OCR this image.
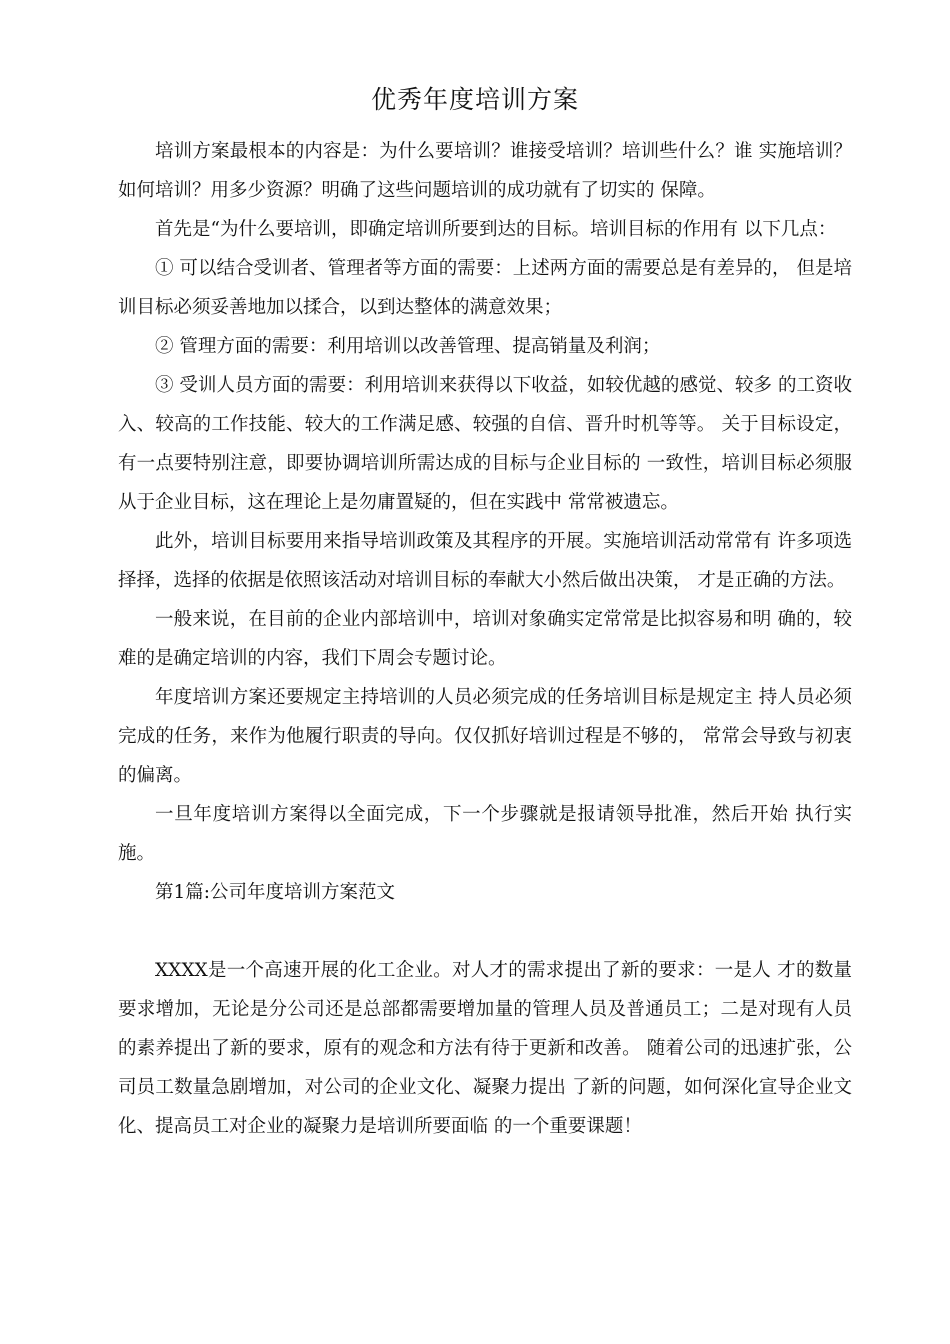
优秀年度培训方案

培训方案最根本的内容是：为什么要培训？谁接受培训？培训些什么？谁 实施培训？如何培训？用多少资源？明确了这些问题培训的成功就有了切实的 保障。

首先是“为什么要培训，即确定培训所要到达的目标。培训目标的作用有 以下几点：

① 可以结合受训者、管理者等方面的需要：上述两方面的需要总是有差异的， 但是培训目标必须妥善地加以揉合，以到达整体的满意效果；

② 管理方面的需要：利用培训以改善管理、提高销量及利润；

③ 受训人员方面的需要：利用培训来获得以下收益，如较优越的感觉、较多 的工资收入、较高的工作技能、较大的工作满足感、较强的自信、晋升时机等等。 关于目标设定，有一点要特别注意，即要协调培训所需达成的目标与企业目标的 一致性，培训目标必须服从于企业目标，这在理论上是勿庸置疑的，但在实践中 常常被遗忘。

此外，培训目标要用来指导培训政策及其程序的开展。实施培训活动常常有 许多项选择择，选择的依据是依照该活动对培训目标的奉献大小然后做出决策， 才是正确的方法。

一般来说，在目前的企业内部培训中，培训对象确实定常常是比拟容易和明 确的，较难的是确定培训的内容，我们下周会专题讨论。

年度培训方案还要规定主持培训的人员必须完成的任务培训目标是规定主 持人员必须完成的任务，来作为他履行职责的导向。仅仅抓好培训过程是不够的， 常常会导致与初衷的偏离。

一旦年度培训方案得以全面完成，下一个步骤就是报请领导批准，然后开始 执行实施。

第1篇:公司年度培训方案范文

XXXX是一个高速开展的化工企业。对人才的需求提出了新的要求：一是人 才的数量要求增加，无论是分公司还是总部都需要增加量的管理人员及普通员工；二是对现有人员的素养提出了新的要求，原有的观念和方法有待于更新和改善。 随着公司的迅速扩张，公司员工数量急剧增加，对公司的企业文化、凝聚力提出 了新的问题，如何深化宣导企业文化、提高员工对企业的凝聚力是培训所要面临 的一个重要课题！
